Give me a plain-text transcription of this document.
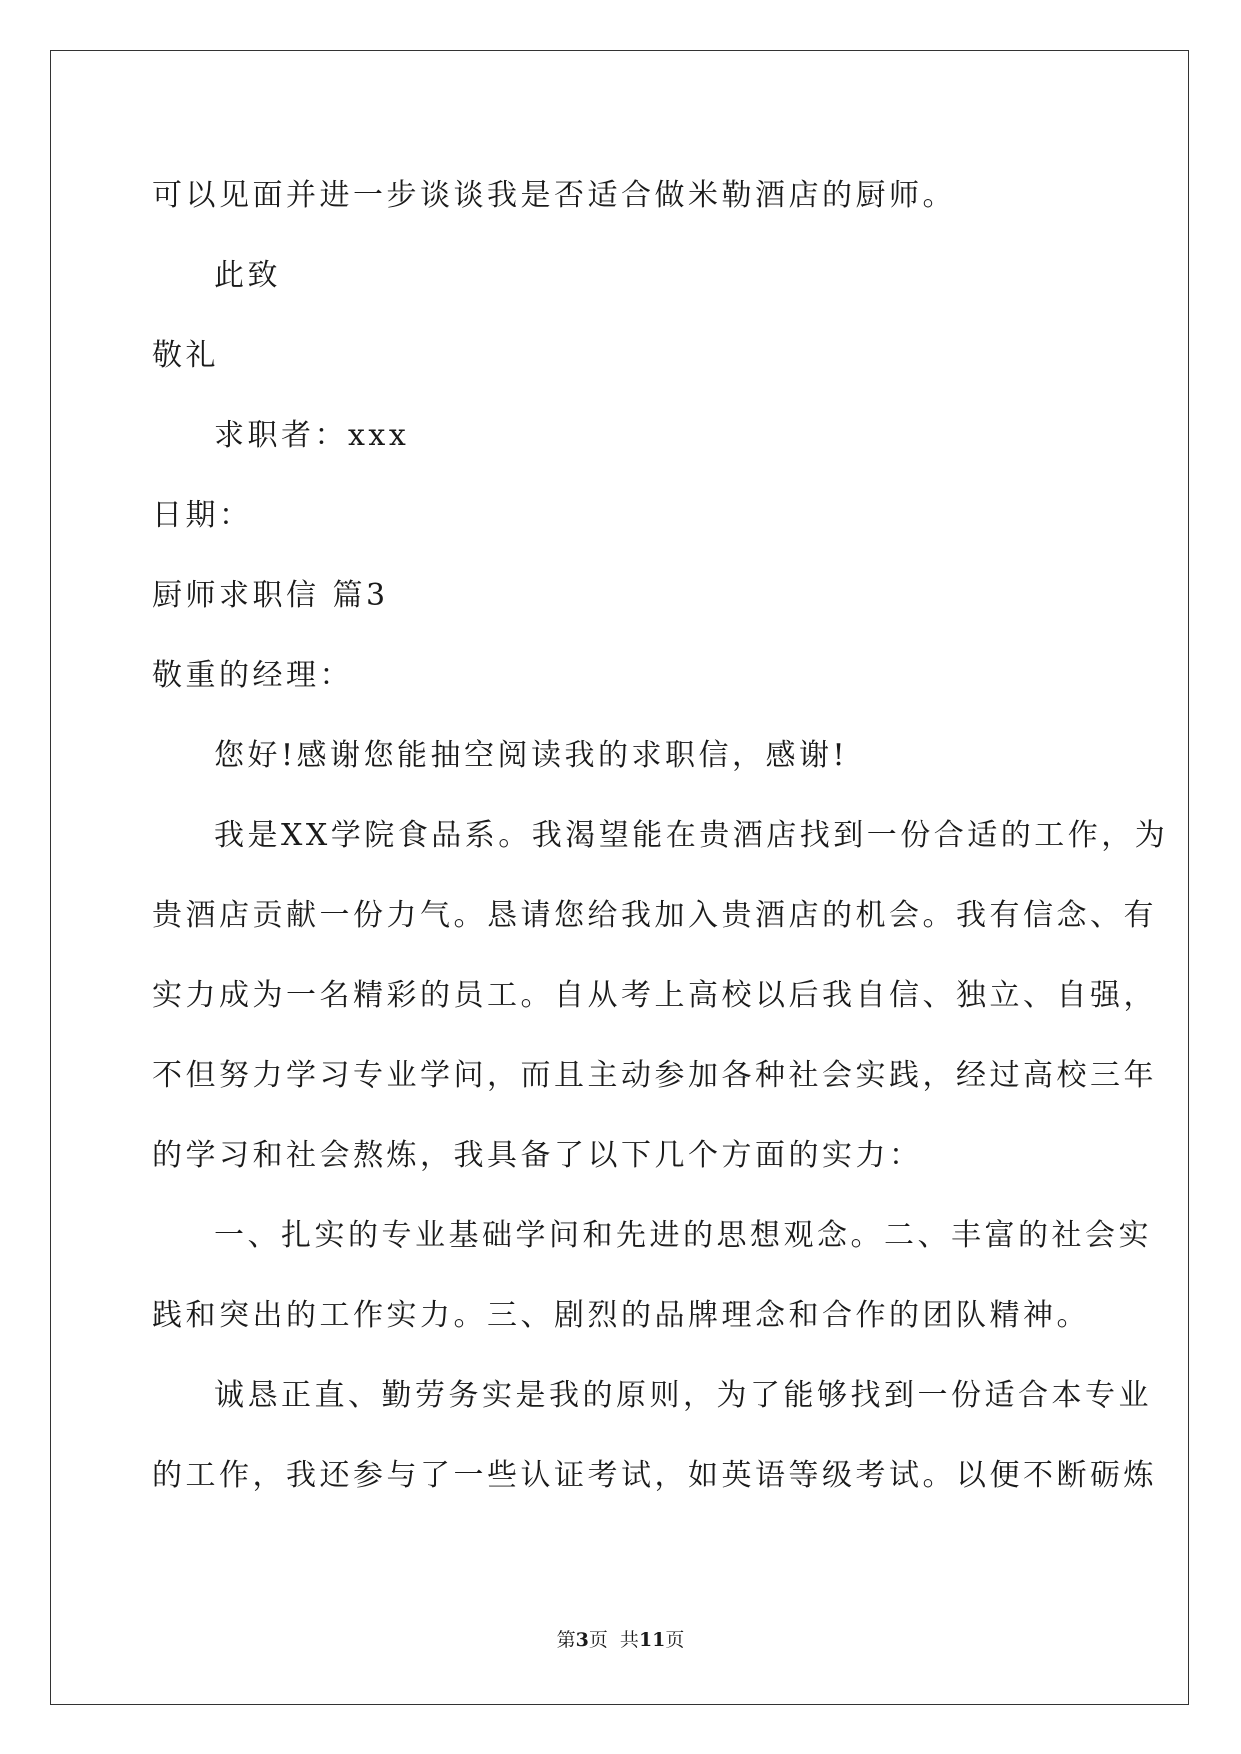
可以见面并进一步谈谈我是否适合做米勒酒店的厨师。
此致
敬礼
求职者：xxx
日期：
厨师求职信 篇3
敬重的经理：
您好!感谢您能抽空阅读我的求职信，感谢!
我是XX学院食品系。我渴望能在贵酒店找到一份合适的工作，为
贵酒店贡献一份力气。恳请您给我加入贵酒店的机会。我有信念、有
实力成为一名精彩的员工。自从考上高校以后我自信、独立、自强，
不但努力学习专业学问，而且主动参加各种社会实践，经过高校三年
的学习和社会熬炼，我具备了以下几个方面的实力：
一、扎实的专业基础学问和先进的思想观念。二、丰富的社会实
践和突出的工作实力。三、剧烈的品牌理念和合作的团队精神。
诚恳正直、勤劳务实是我的原则，为了能够找到一份适合本专业
的工作，我还参与了一些认证考试，如英语等级考试。以便不断砺炼
第3页  共11页
